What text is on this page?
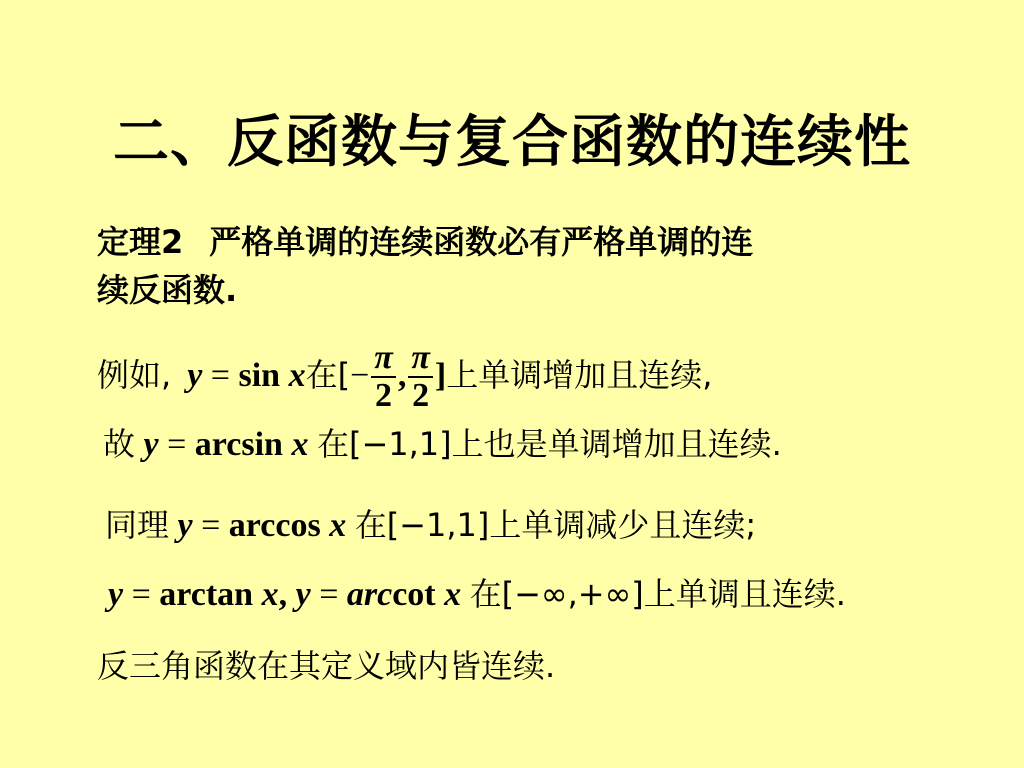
二、反函数与复合函数的连续性
定理2 严格单调的连续函数必有严格单调的连
续反函数.
例如, y = sin x在[− $\frac{\pi}{2}$ , $\frac{\pi}{2}$ ]上单调增加且连续,
故 y = arcsin x 在[−1,1]上也是单调增加且连续.
同理 y = arccos x 在[−1,1]上单调减少且连续;
y = arctan x, y = arccot x 在[−∞,+∞]上单调且连续.
反三角函数在其定义域内皆连续.
